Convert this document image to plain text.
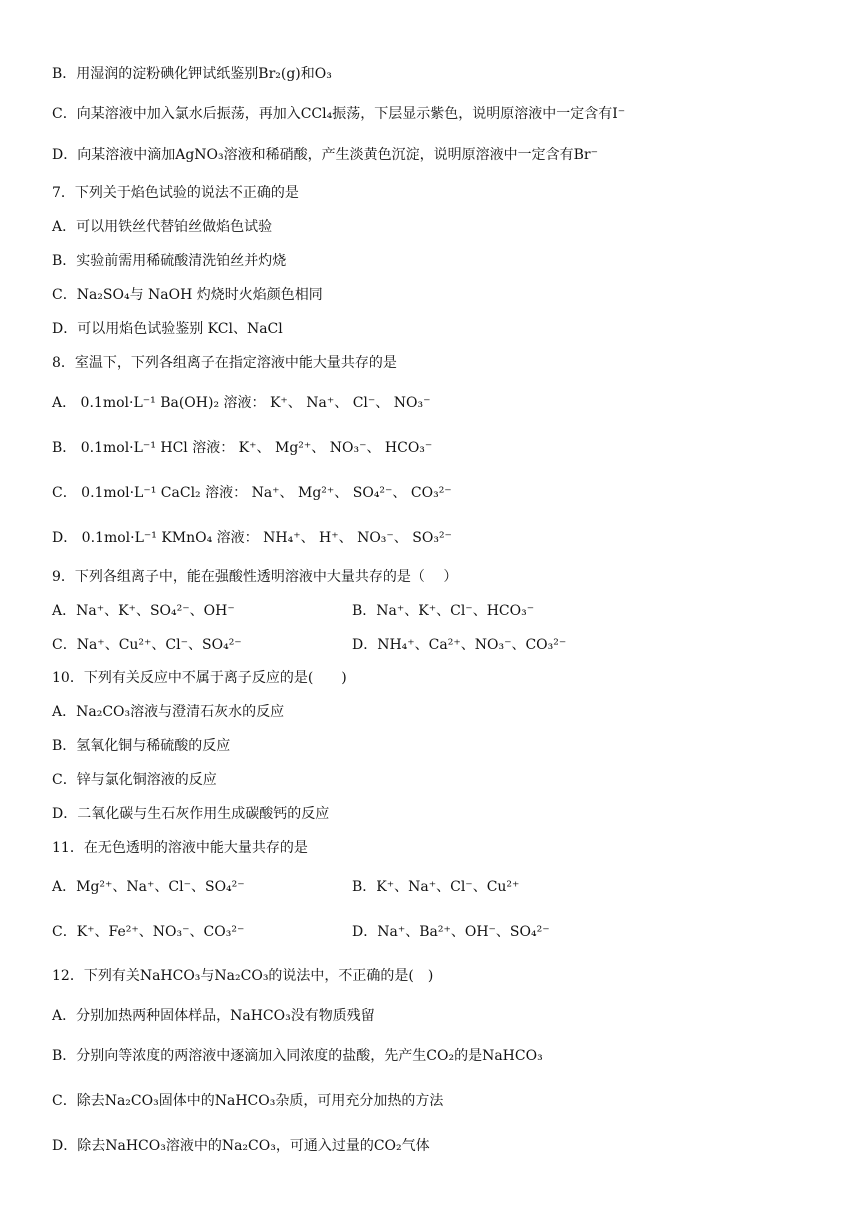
B．用湿润的淀粉碘化钾试纸鉴别Br₂(g)和O₃
C．向某溶液中加入氯水后振荡，再加入CCl₄振荡，下层显示紫色，说明原溶液中一定含有I⁻
D．向某溶液中滴加AgNO₃溶液和稀硝酸，产生淡黄色沉淀，说明原溶液中一定含有Br⁻
7．下列关于焰色试验的说法不正确的是
A．可以用铁丝代替铂丝做焰色试验
B．实验前需用稀硫酸清洗铂丝并灼烧
C．Na₂SO₄与 NaOH 灼烧时火焰颜色相同
D．可以用焰色试验鉴别 KCl、NaCl
8．室温下，下列各组离子在指定溶液中能大量共存的是
A． 0.1mol·L⁻¹ Ba(OH)₂ 溶液： K⁺、 Na⁺、 Cl⁻、 NO₃⁻
B． 0.1mol·L⁻¹ HCl 溶液： K⁺、 Mg²⁺、 NO₃⁻、 HCO₃⁻
C． 0.1mol·L⁻¹ CaCl₂ 溶液： Na⁺、 Mg²⁺、 SO₄²⁻、 CO₃²⁻
D． 0.1mol·L⁻¹ KMnO₄ 溶液： NH₄⁺、 H⁺、 NO₃⁻、 SO₃²⁻
9．下列各组离子中，能在强酸性透明溶液中大量共存的是（　 ）
A．Na⁺、K⁺、SO₄²⁻、OH⁻	B．Na⁺、K⁺、Cl⁻、HCO₃⁻
C．Na⁺、Cu²⁺、Cl⁻、SO₄²⁻	D．NH₄⁺、Ca²⁺、NO₃⁻、CO₃²⁻
10．下列有关反应中不属于离子反应的是(　　)
A．Na₂CO₃溶液与澄清石灰水的反应
B．氢氧化铜与稀硫酸的反应
C．锌与氯化铜溶液的反应
D．二氧化碳与生石灰作用生成碳酸钙的反应
11．在无色透明的溶液中能大量共存的是
A．Mg²⁺、Na⁺、Cl⁻、SO₄²⁻	B．K⁺、Na⁺、Cl⁻、Cu²⁺
C．K⁺、Fe²⁺、NO₃⁻、CO₃²⁻	D．Na⁺、Ba²⁺、OH⁻、SO₄²⁻
12．下列有关NaHCO₃与Na₂CO₃的说法中，不正确的是(　)
A．分别加热两种固体样品，NaHCO₃没有物质残留
B．分别向等浓度的两溶液中逐滴加入同浓度的盐酸，先产生CO₂的是NaHCO₃
C．除去Na₂CO₃固体中的NaHCO₃杂质，可用充分加热的方法
D．除去NaHCO₃溶液中的Na₂CO₃，可通入过量的CO₂气体
